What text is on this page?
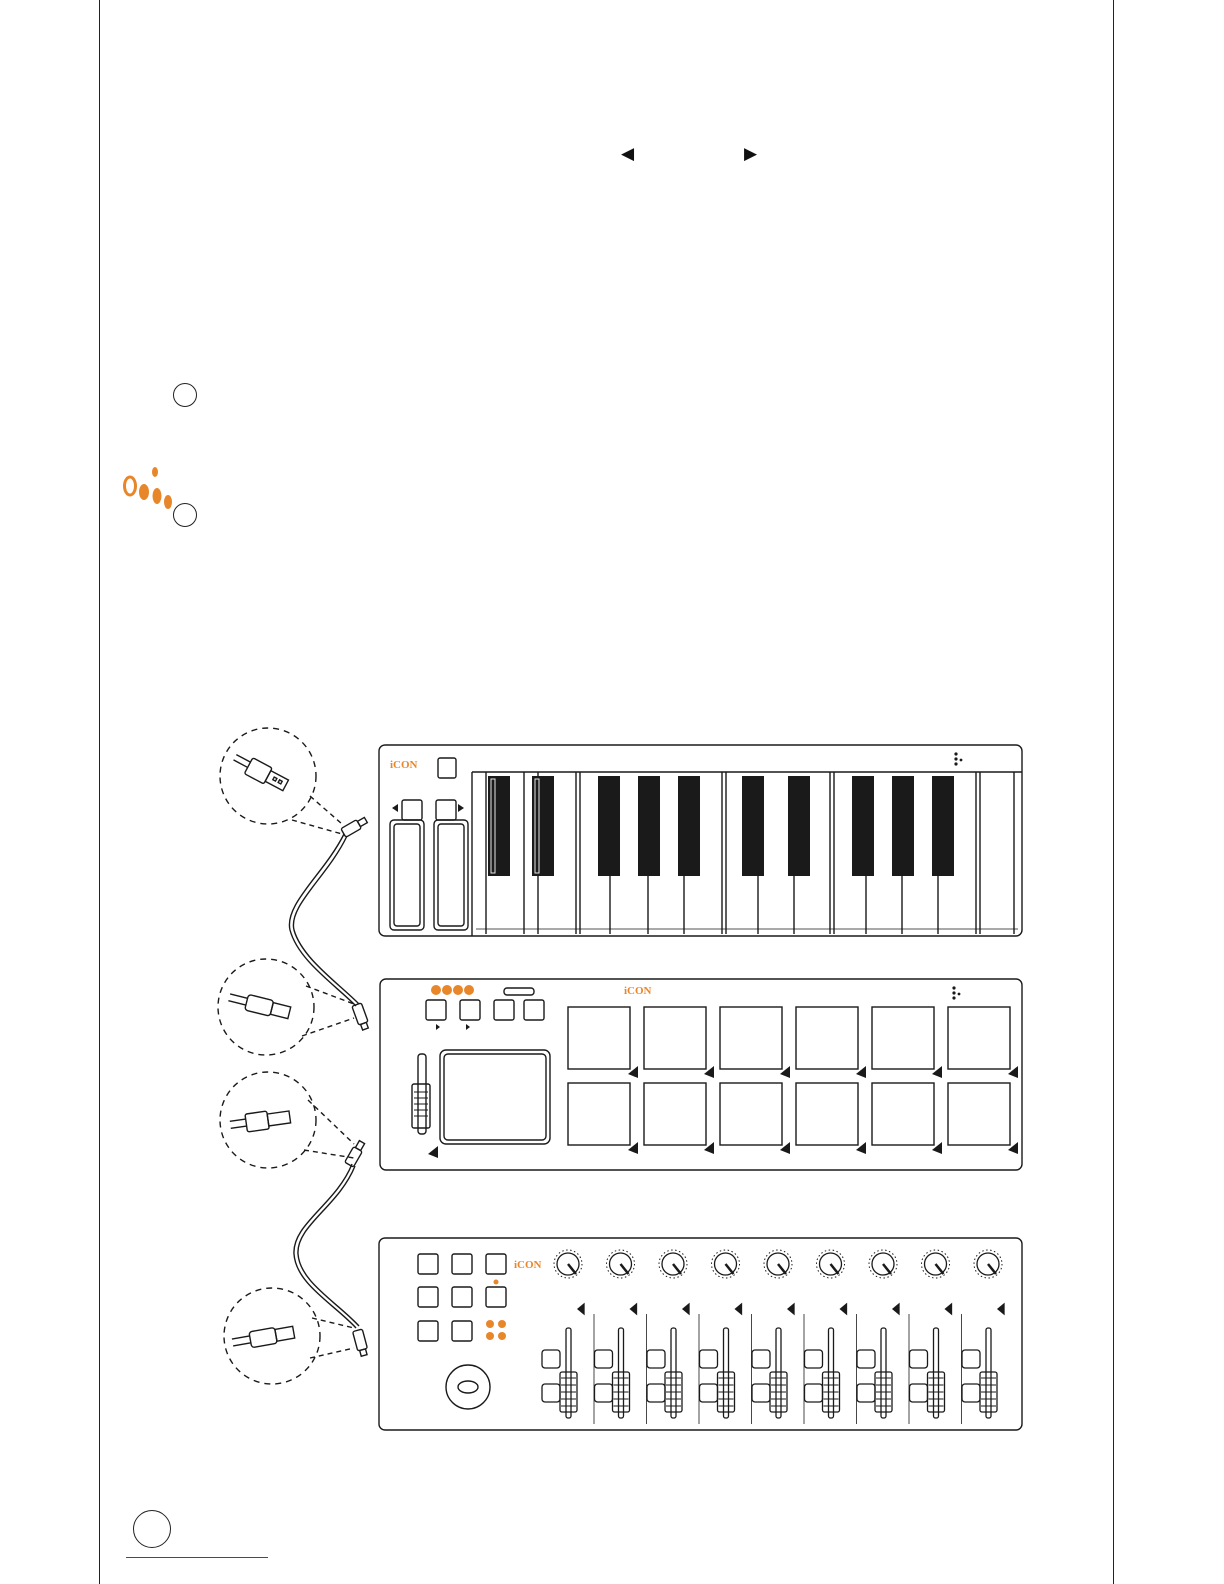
◀	▶
iCON
iCON
iCON
